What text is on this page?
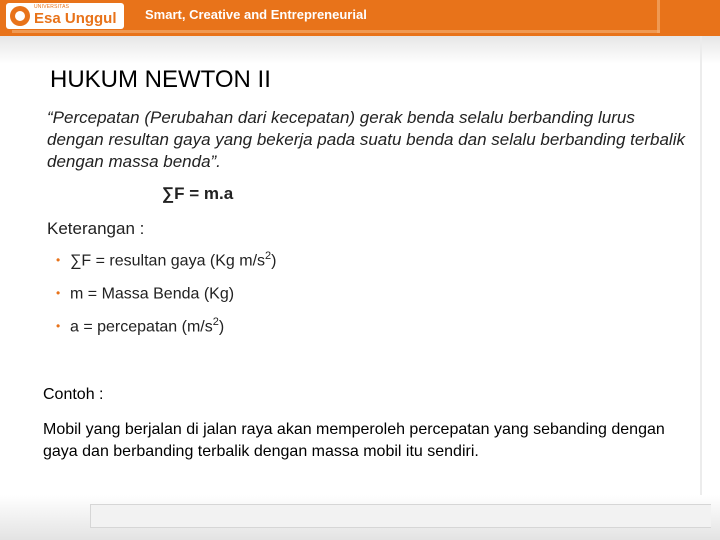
UNIVERSITAS
Esa Unggul Smart, Creative and Entrepreneurial
HUKUM NEWTON II

“Percepatan (Perubahan dari kecepatan) gerak benda selalu berbanding lurus dengan resultan gaya yang bekerja pada suatu benda dan selalu berbanding terbalik dengan massa benda”.

∑F = m.a
Keterangan :
• ∑F = resultan gaya (Kg $m/s^2$)
• m = Massa Benda (Kg)
• a = percepatan $(m/s^2)$
Contoh :

Mobil yang berjalan di jalan raya akan memperoleh percepatan yang sebanding dengan gaya dan berbanding terbalik dengan massa mobil itu sendiri.
